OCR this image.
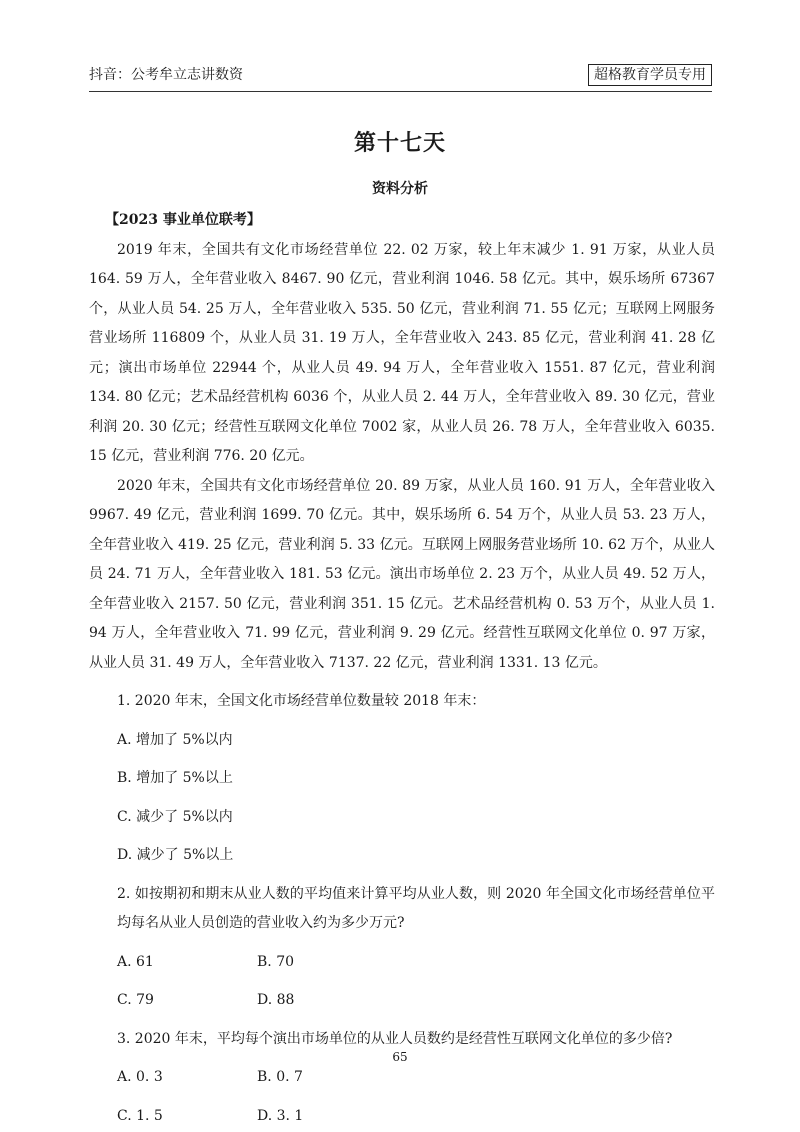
抖音：公考牟立志讲数资	超格教育学员专用
第十七天
资料分析

【2023 事业单位联考】

2019 年末，全国共有文化市场经营单位 22. 02 万家，较上年末减少 1. 91 万家，从业人员 164. 59 万人，全年营业收入 8467. 90 亿元，营业利润 1046. 58 亿元。其中，娱乐场所 67367 个，从业人员 54. 25 万人，全年营业收入 535. 50 亿元，营业利润 71. 55 亿元；互联网上网服务营业场所 116809 个，从业人员 31. 19 万人，全年营业收入 243. 85 亿元，营业利润 41. 28 亿元；演出市场单位 22944 个，从业人员 49. 94 万人，全年营业收入 1551. 87 亿元，营业利润 134. 80 亿元；艺术品经营机构 6036 个，从业人员 2. 44 万人，全年营业收入 89. 30 亿元，营业利润 20. 30 亿元；经营性互联网文化单位 7002 家，从业人员 26. 78 万人，全年营业收入 6035. 15 亿元，营业利润 776. 20 亿元。

2020 年末，全国共有文化市场经营单位 20. 89 万家，从业人员 160. 91 万人，全年营业收入 9967. 49 亿元，营业利润 1699. 70 亿元。其中，娱乐场所 6. 54 万个，从业人员 53. 23 万人，全年营业收入 419. 25 亿元，营业利润 5. 33 亿元。互联网上网服务营业场所 10. 62 万个，从业人员 24. 71 万人，全年营业收入 181. 53 亿元。演出市场单位 2. 23 万个，从业人员 49. 52 万人，全年营业收入 2157. 50 亿元，营业利润 351. 15 亿元。艺术品经营机构 0. 53 万个，从业人员 1. 94 万人，全年营业收入 71. 99 亿元，营业利润 9. 29 亿元。经营性互联网文化单位 0. 97 万家，从业人员 31. 49 万人，全年营业收入 7137. 22 亿元，营业利润 1331. 13 亿元。

1. 2020 年末，全国文化市场经营单位数量较 2018 年末：

A. 增加了 5%以内

B. 增加了 5%以上

C. 减少了 5%以内

D. 减少了 5%以上

2. 如按期初和期末从业人数的平均值来计算平均从业人数，则 2020 年全国文化市场经营单位平均每名从业人员创造的营业收入约为多少万元?

A. 61	B. 70

C. 79	D. 88

3. 2020 年末，平均每个演出市场单位的从业人员数约是经营性互联网文化单位的多少倍?

A. 0. 3	B. 0. 7

C. 1. 5	D. 3. 1

65
